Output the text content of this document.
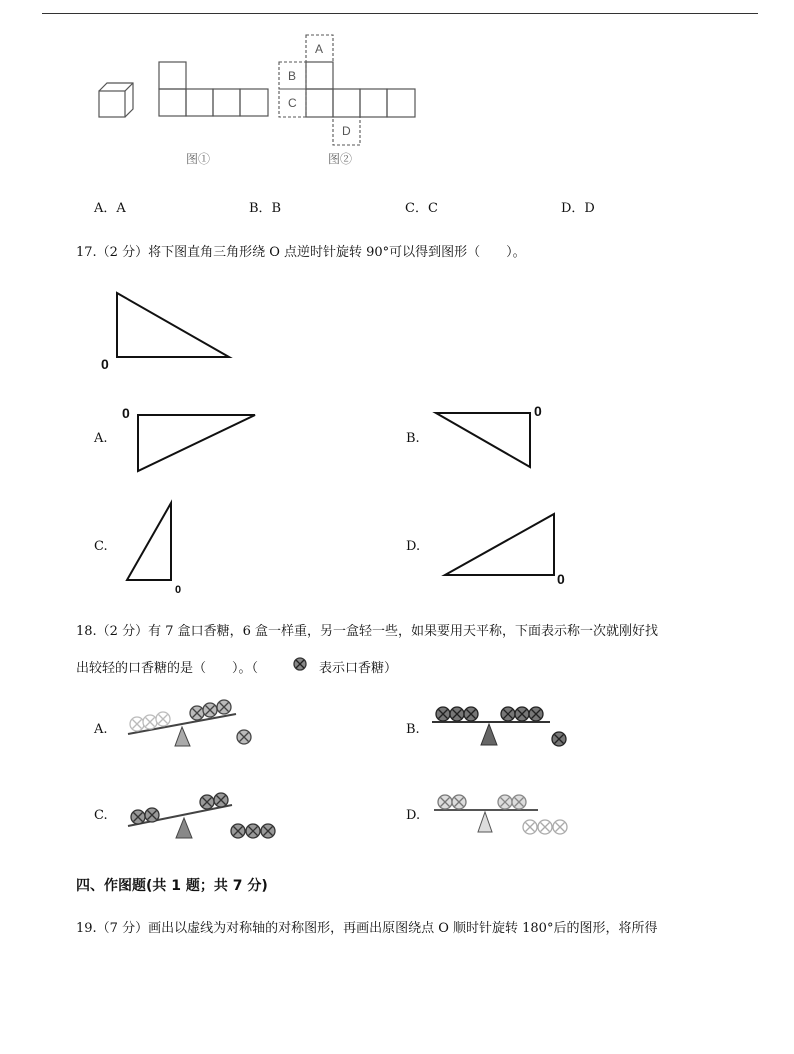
图①
A
B
C
D
图②
A．A	B．B	C．C	D．D
17.（2 分）将下图直角三角形绕 O 点逆时针旋转 90°可以得到图形（　　）。
0
0	0
0
0
A.	B.
C.	D.
18.（2 分）有 7 盒口香糖，6 盒一样重，另一盒轻一些，如果要用天平称，下面表示称一次就刚好找
出较轻的口香糖的是（　　）。（	表示口香糖）
A.	B.
C.	D.
四、作图题(共 1 题；共 7 分)
19.（7 分）画出以虚线为对称轴的对称图形，再画出原图绕点 O 顺时针旋转 180°后的图形，将所得
